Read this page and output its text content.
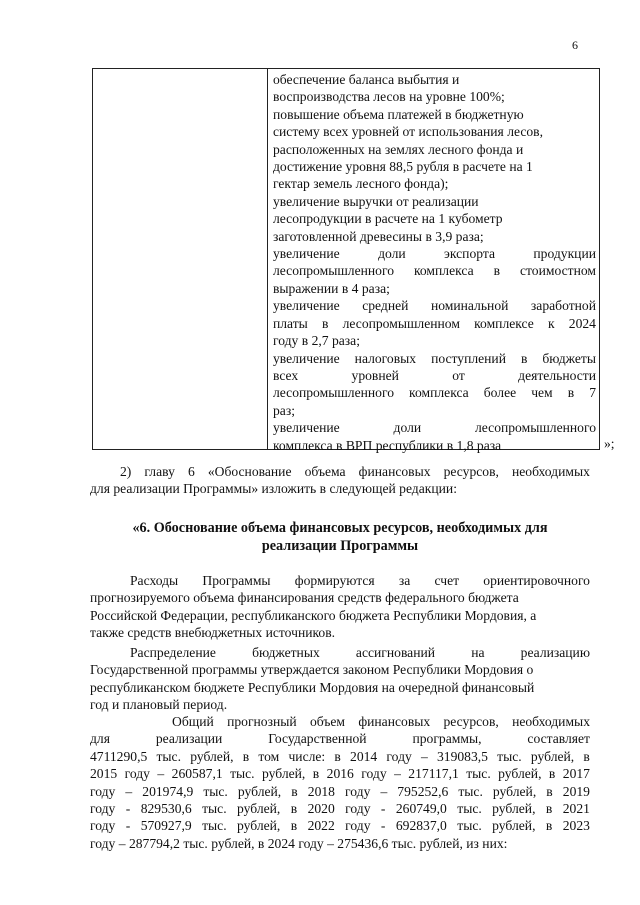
6
обеспечение баланса выбытия и
воспроизводства лесов на уровне 100%;
повышение объема платежей в бюджетную
систему всех уровней от использования лесов,
расположенных на землях лесного фонда и
достижение уровня 88,5 рубля в расчете на 1
гектар земель лесного фонда);
увеличение выручки от реализации
лесопродукции в расчете на 1 кубометр
заготовленной древесины в 3,9 раза;
увеличение	доли	экспорта	продукции
лесопромышленного комплекса в стоимостном
выражении в 4 раза;
увеличение средней номинальной заработной
платы в лесопромышленном комплексе к 2024
году в 2,7 раза;
увеличение налоговых поступлений в бюджеты
всех	уровней	от	деятельности
лесопромышленного комплекса более чем в 7
раз;
увеличение	доли	лесопромышленного
комплекса в ВРП республики в 1,8 раза	»;
2) главу 6 «Обоснование объема финансовых ресурсов, необходимых
для реализации Программы» изложить в следующей редакции:
«6. Обоснование объема финансовых ресурсов, необходимых для
реализации Программы
Расходы Программы формируются за счет ориентировочного
прогнозируемого объема финансирования средств федерального бюджета
Российской Федерации, республиканского бюджета Республики Мордовия, а
также средств внебюджетных источников.
Распределение	бюджетных	ассигнований	на	реализацию
Государственной программы утверждается законом Республики Мордовия о
республиканском бюджете Республики Мордовия на очередной финансовый
год и плановый период.
Общий прогнозный объем финансовых ресурсов, необходимых
для	реализации	Государственной	программы,	составляет
4711290,5 тыс. рублей, в том числе: в 2014 году – 319083,5 тыс. рублей, в
2015 году – 260587,1 тыс. рублей, в 2016 году – 217117,1 тыс. рублей, в 2017
году – 201974,9 тыс. рублей, в 2018 году – 795252,6 тыс. рублей, в 2019
году - 829530,6 тыс. рублей, в 2020 году - 260749,0 тыс. рублей, в 2021
году - 570927,9 тыс. рублей, в 2022 году - 692837,0 тыс. рублей, в 2023
году – 287794,2 тыс. рублей, в 2024 году – 275436,6 тыс. рублей, из них:
